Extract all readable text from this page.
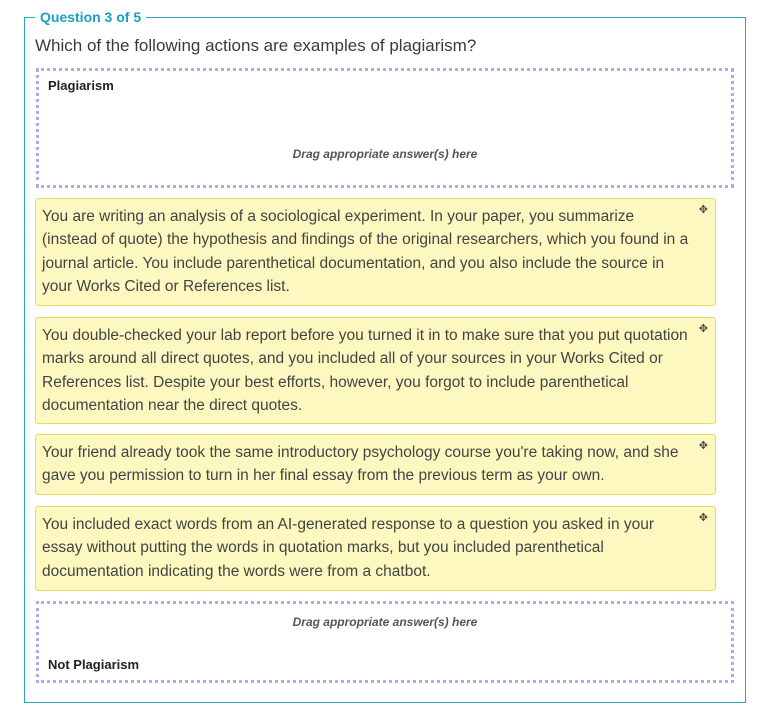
Question 3 of 5
Which of the following actions are examples of plagiarism?
Plagiarism
Drag appropriate answer(s) here
You are writing an analysis of a sociological experiment. In your paper, you summarize (instead of quote) the hypothesis and findings of the original researchers, which you found in a journal article. You include parenthetical documentation, and you also include the source in your Works Cited or References list.
✥
You double-checked your lab report before you turned it in to make sure that you put quotation marks around all direct quotes, and you included all of your sources in your Works Cited or References list. Despite your best efforts, however, you forgot to include parenthetical documentation near the direct quotes.
✥
Your friend already took the same introductory psychology course you're taking now, and she gave you permission to turn in her final essay from the previous term as your own.
✥
You included exact words from an AI-generated response to a question you asked in your essay without putting the words in quotation marks, but you included parenthetical documentation indicating the words were from a chatbot.
✥
Drag appropriate answer(s) here
Not Plagiarism
